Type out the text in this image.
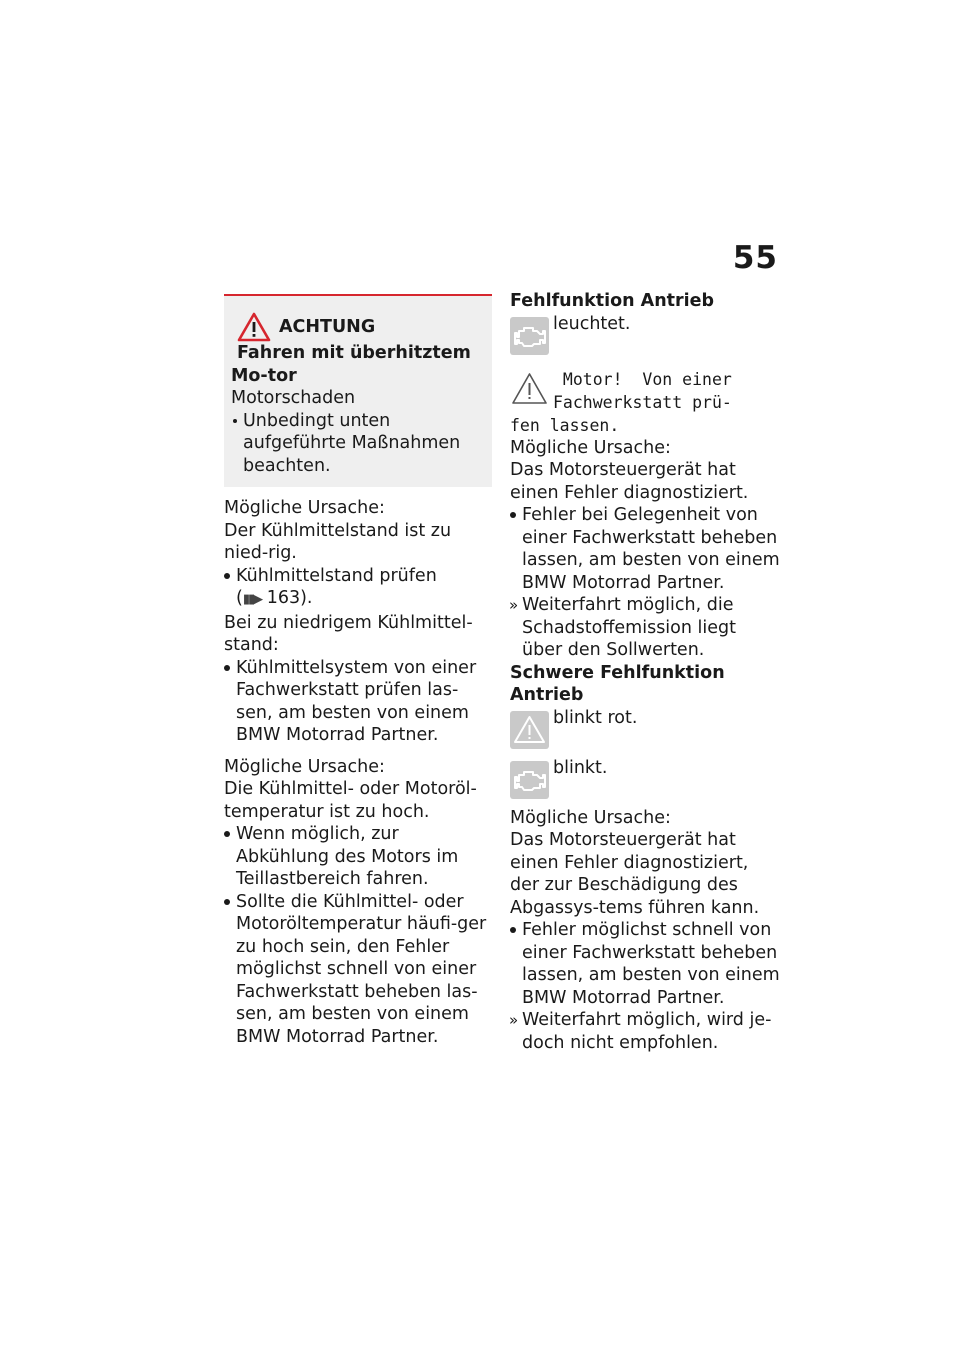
55
ACHTUNG

Fahren mit überhitztem Mo-tor

Motorschaden

Unbedingt unten aufgeführte Maßnahmen beachten.

Mögliche Ursache:

Der Kühlmittelstand ist zu nied-rig.

Kühlmittelstand prüfen
(▮▮▶ 163).

Bei zu niedrigem Kühlmittel-stand:

Kühlmittelsystem von einer Fachwerkstatt prüfen las-sen, am besten von einem BMW Motorrad Partner.

Mögliche Ursache:

Die Kühlmittel- oder Motoröl-temperatur ist zu hoch.

Wenn möglich, zur Abkühlung des Motors im Teillastbereich fahren.

Sollte die Kühlmittel- oder Motoröltemperatur häufi-ger zu hoch sein, den Fehler möglichst schnell von einer Fachwerkstatt beheben las-sen, am besten von einem BMW Motorrad Partner.

Fehlfunktion Antrieb

leuchtet.

Motor!  Von einer
Fachwerkstatt prü-
fen lassen.

Mögliche Ursache:

Das Motorsteuergerät hat einen Fehler diagnostiziert.

Fehler bei Gelegenheit von einer Fachwerkstatt beheben lassen, am besten von einem BMW Motorrad Partner.

» Weiterfahrt möglich, die Schadstoffemission liegt über den Sollwerten.

Schwere Fehlfunktion Antrieb

blinkt rot.

blinkt.

Mögliche Ursache:

Das Motorsteuergerät hat einen Fehler diagnostiziert, der zur Beschädigung des Abgassys-tems führen kann.

Fehler möglichst schnell von einer Fachwerkstatt beheben lassen, am besten von einem BMW Motorrad Partner.

» Weiterfahrt möglich, wird je-doch nicht empfohlen.
